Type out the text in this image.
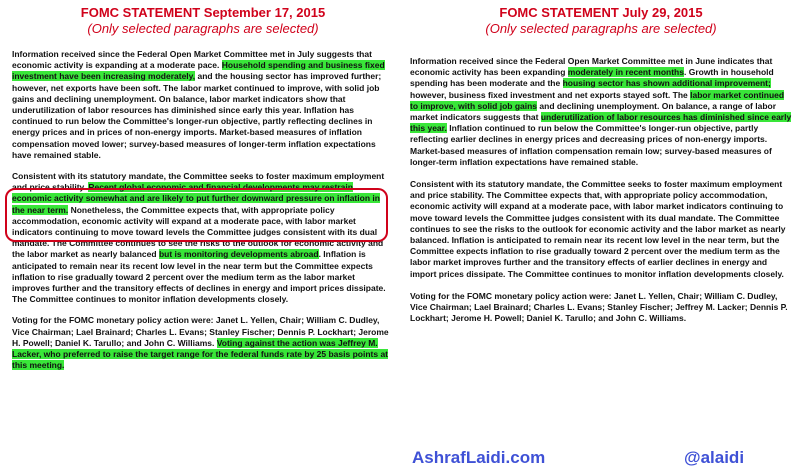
FOMC STATEMENT September 17, 2015
(Only selected paragraphs are selected)

Information received since the Federal Open Market Committee met in July suggests that economic activity is expanding at a moderate pace. Household spending and business fixed investment have been increasing moderately, and the housing sector has improved further; however, net exports have been soft. The labor market continued to improve, with solid job gains and declining unemployment. On balance, labor market indicators show that underutilization of labor resources has diminished since early this year. Inflation has continued to run below the Committee's longer-run objective, partly reflecting declines in energy prices and in prices of non-energy imports. Market-based measures of inflation compensation moved lower; survey-based measures of longer-term inflation expectations have remained stable.

Consistent with its statutory mandate, the Committee seeks to foster maximum employment and price stability. Recent global economic and financial developments may restrain economic activity somewhat and are likely to put further downward pressure on inflation in the near term. Nonetheless, the Committee expects that, with appropriate policy accommodation, economic activity will expand at a moderate pace, with labor market indicators continuing to move toward levels the Committee judges consistent with its dual mandate. The Committee continues to see the risks to the outlook for economic activity and the labor market as nearly balanced but is monitoring developments abroad. Inflation is anticipated to remain near its recent low level in the near term but the Committee expects inflation to rise gradually toward 2 percent over the medium term as the labor market improves further and the transitory effects of declines in energy and import prices dissipate. The Committee continues to monitor inflation developments closely.

Voting for the FOMC monetary policy action were: Janet L. Yellen, Chair; William C. Dudley, Vice Chairman; Lael Brainard; Charles L. Evans; Stanley Fischer; Dennis P. Lockhart; Jerome H. Powell; Daniel K. Tarullo; and John C. Williams. Voting against the action was Jeffrey M. Lacker, who preferred to raise the target range for the federal funds rate by 25 basis points at this meeting.

FOMC STATEMENT July 29, 2015
(Only selected paragraphs are selected)

Information received since the Federal Open Market Committee met in June indicates that economic activity has been expanding moderately in recent months. Growth in household spending has been moderate and the housing sector has shown additional improvement; however, business fixed investment and net exports stayed soft. The labor market continued to improve, with solid job gains and declining unemployment. On balance, a range of labor market indicators suggests that underutilization of labor resources has diminished since early this year. Inflation continued to run below the Committee's longer-run objective, partly reflecting earlier declines in energy prices and decreasing prices of non-energy imports. Market-based measures of inflation compensation remain low; survey‑based measures of longer-term inflation expectations have remained stable.

Consistent with its statutory mandate, the Committee seeks to foster maximum employment and price stability. The Committee expects that, with appropriate policy accommodation, economic activity will expand at a moderate pace, with labor market indicators continuing to move toward levels the Committee judges consistent with its dual mandate. The Committee continues to see the risks to the outlook for economic activity and the labor market as nearly balanced. Inflation is anticipated to remain near its recent low level in the near term, but the Committee expects inflation to rise gradually toward 2 percent over the medium term as the labor market improves further and the transitory effects of earlier declines in energy and import prices dissipate. The Committee continues to monitor inflation developments closely.

Voting for the FOMC monetary policy action were: Janet L. Yellen, Chair; William C. Dudley, Vice Chairman; Lael Brainard; Charles L. Evans; Stanley Fischer; Jeffrey M. Lacker; Dennis P. Lockhart; Jerome H. Powell; Daniel K. Tarullo; and John C. Williams.

AshrafLaidi.com	@alaidi
